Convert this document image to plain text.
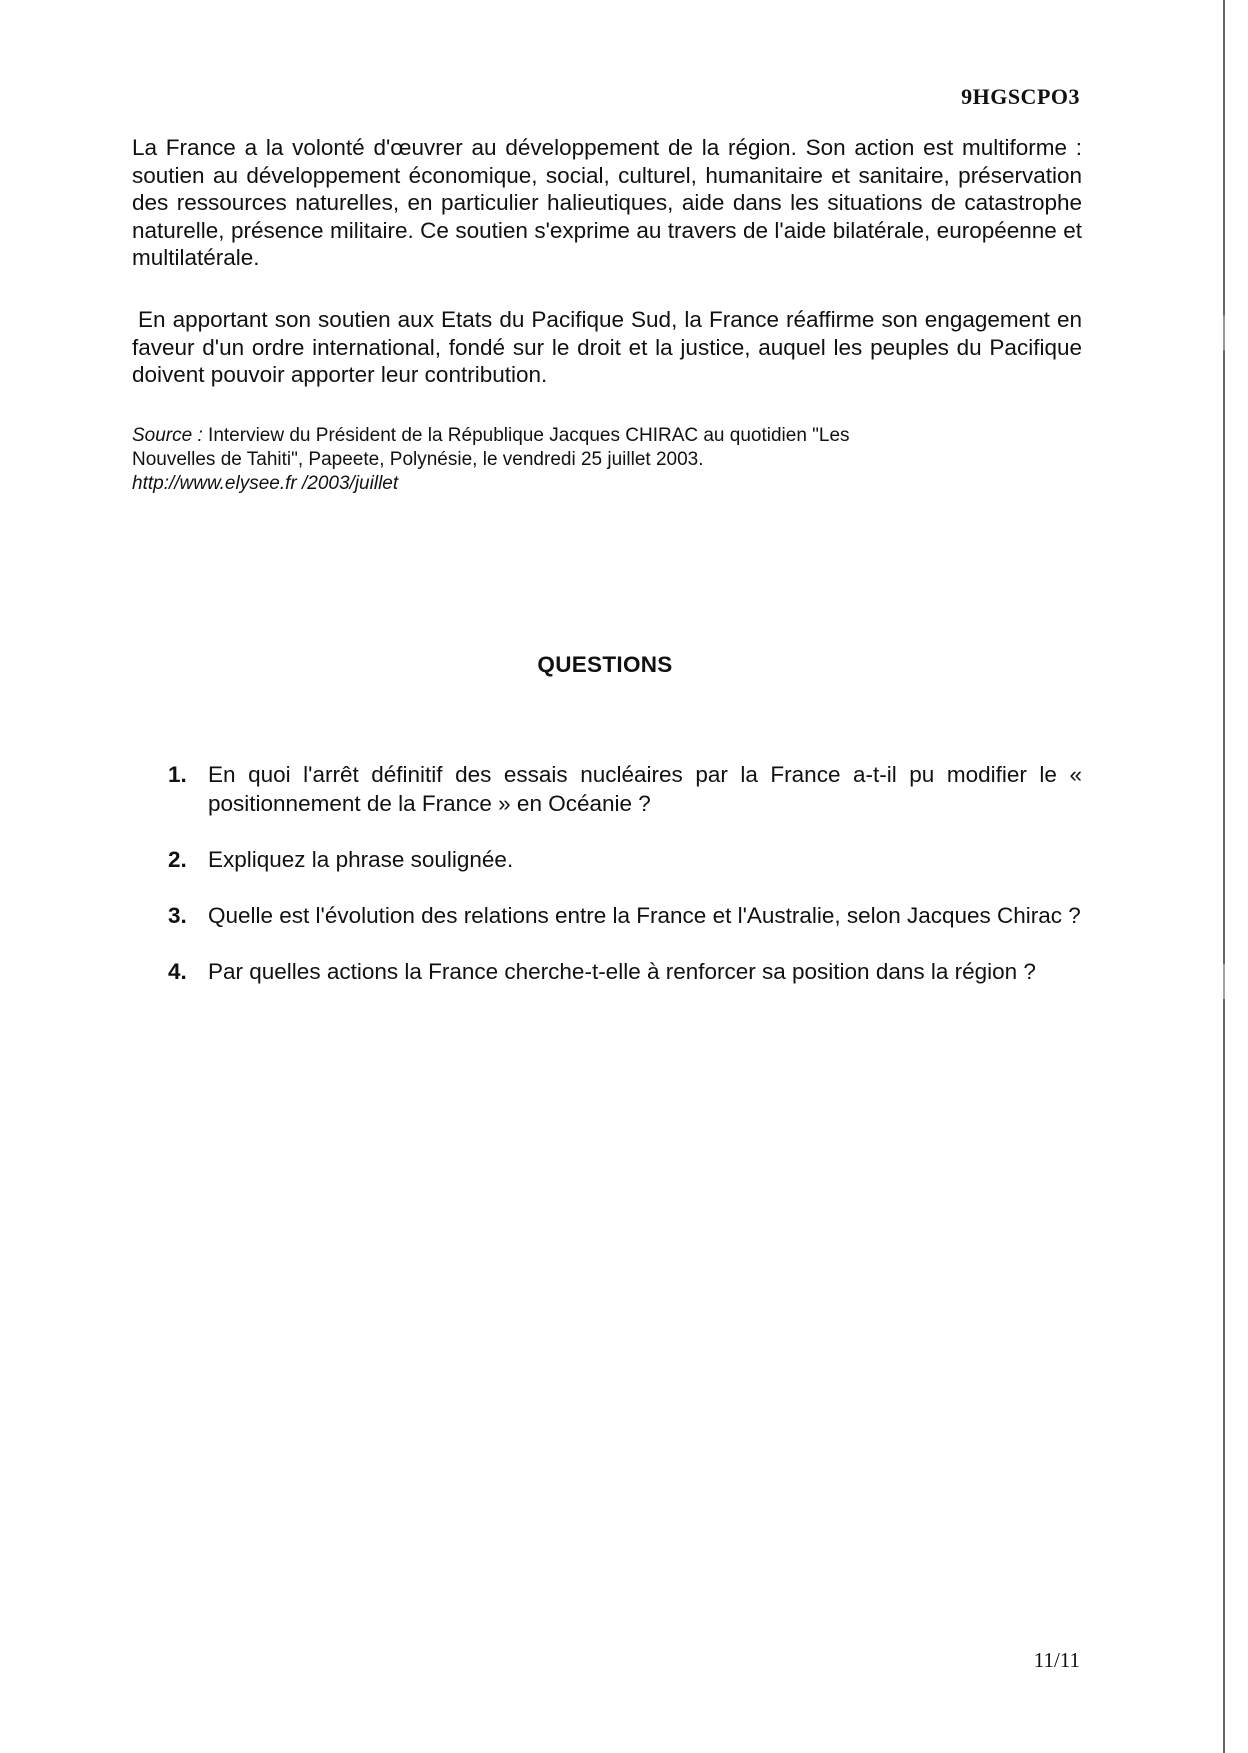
9HGSCPO3

La France a la volonté d'œuvrer au développement de la région. Son action est multiforme : soutien au développement économique, social, culturel, humanitaire et sanitaire, préservation des ressources naturelles, en particulier halieutiques, aide dans les situations de catastrophe naturelle, présence militaire. Ce soutien s'exprime au travers de l'aide bilatérale, européenne et multilatérale.

En apportant son soutien aux Etats du Pacifique Sud, la France réaffirme son engagement en faveur d'un ordre international, fondé sur le droit et la justice, auquel les peuples du Pacifique doivent pouvoir apporter leur contribution.

Source : Interview du Président de la République Jacques CHIRAC au quotidien "Les
Nouvelles de Tahiti", Papeete, Polynésie, le vendredi 25 juillet 2003.
http://www.elysee.fr /2003/juillet
QUESTIONS
1. En quoi l'arrêt définitif des essais nucléaires par la France a-t-il pu modifier le « positionnement de la France » en Océanie ?
2. Expliquez la phrase soulignée.
3. Quelle est l'évolution des relations entre la France et l'Australie, selon Jacques Chirac ?
4. Par quelles actions la France cherche-t-elle à renforcer sa position dans la région ?
11/11
